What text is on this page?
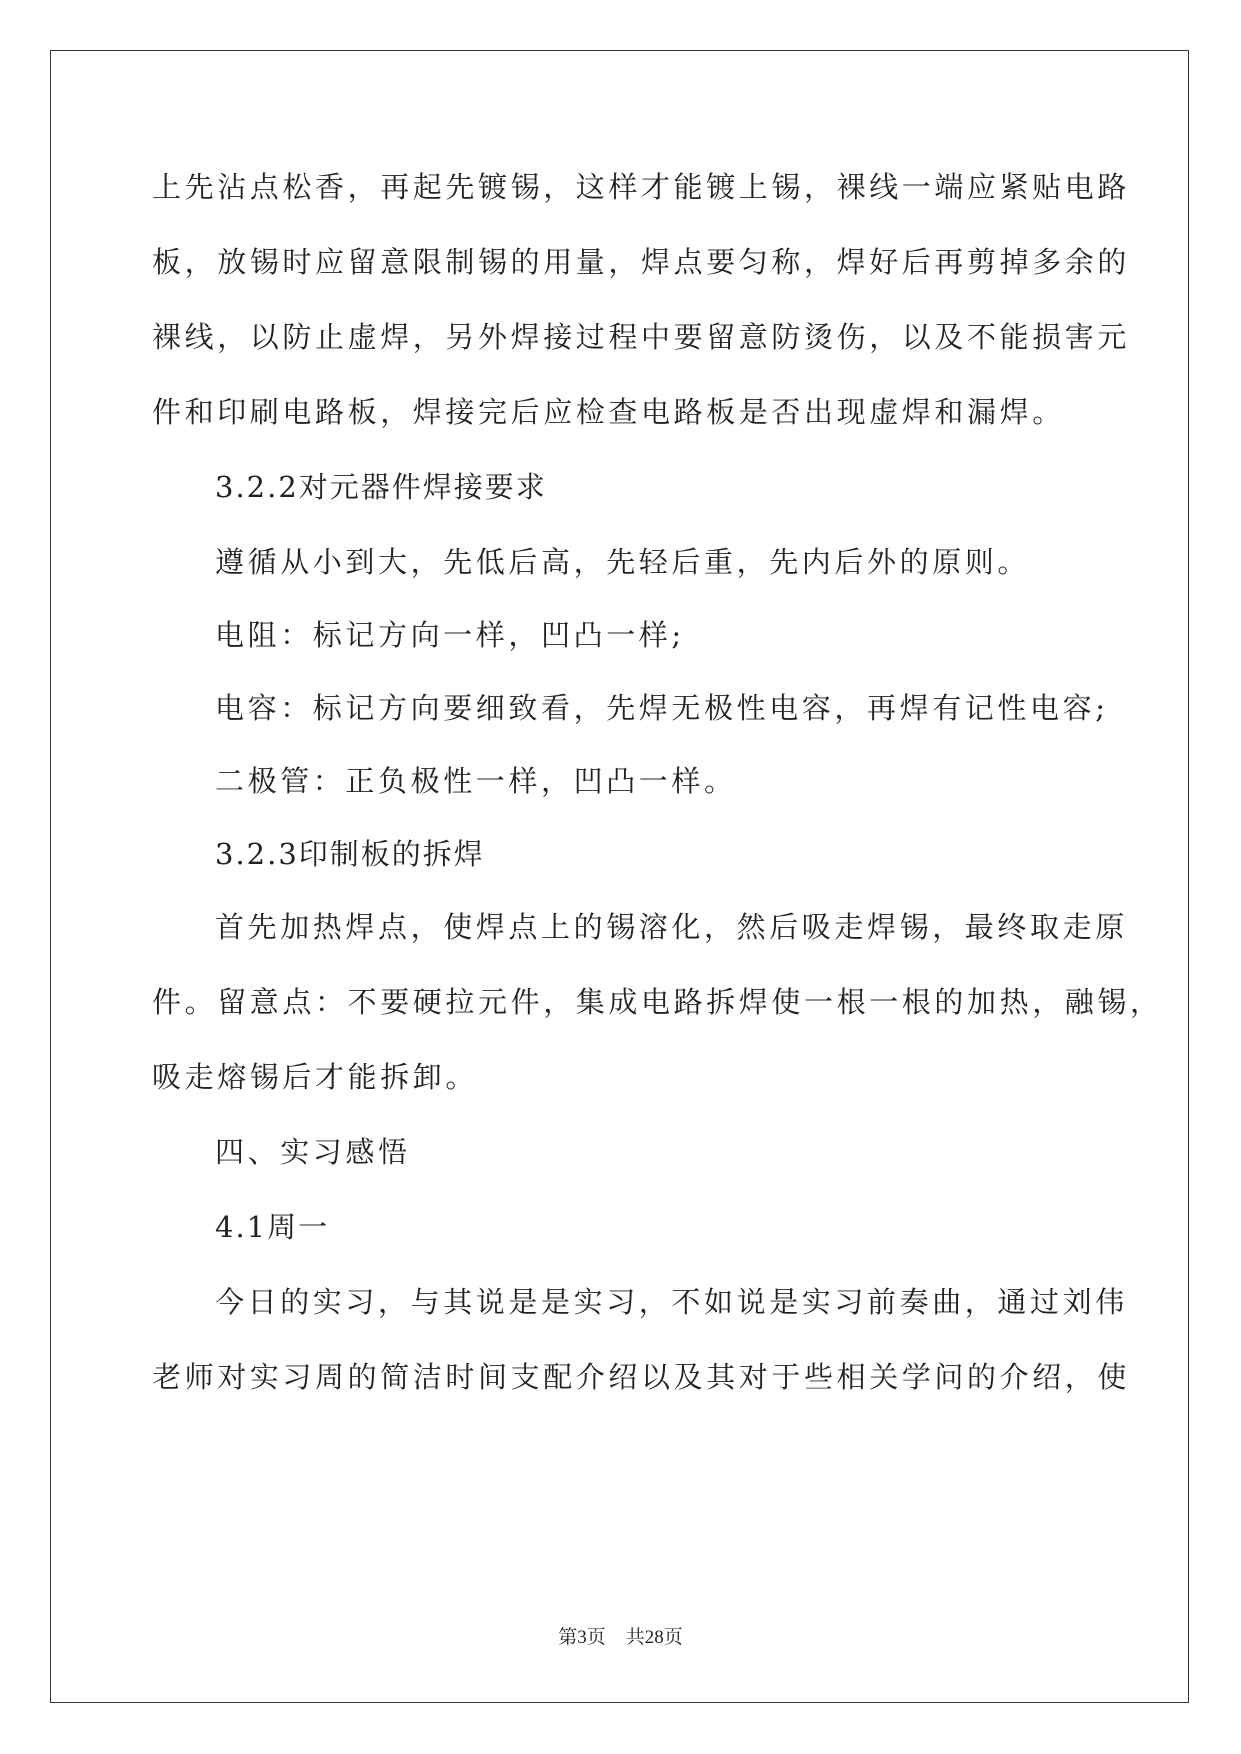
上先沾点松香，再起先镀锡，这样才能镀上锡，裸线一端应紧贴电路
板，放锡时应留意限制锡的用量，焊点要匀称，焊好后再剪掉多余的
裸线，以防止虚焊，另外焊接过程中要留意防烫伤，以及不能损害元
件和印刷电路板，焊接完后应检查电路板是否出现虚焊和漏焊。
3.2.2对元器件焊接要求
遵循从小到大，先低后高，先轻后重，先内后外的原则。
电阻：标记方向一样，凹凸一样;
电容：标记方向要细致看，先焊无极性电容，再焊有记性电容;
二极管：正负极性一样，凹凸一样。
3.2.3印制板的拆焊
首先加热焊点，使焊点上的锡溶化，然后吸走焊锡，最终取走原
件。留意点：不要硬拉元件，集成电路拆焊使一根一根的加热，融锡，
吸走熔锡后才能拆卸。
四、实习感悟
4.1周一
今日的实习，与其说是是实习，不如说是实习前奏曲，通过刘伟
老师对实习周的简洁时间支配介绍以及其对于些相关学问的介绍，使
第3页 共28页
